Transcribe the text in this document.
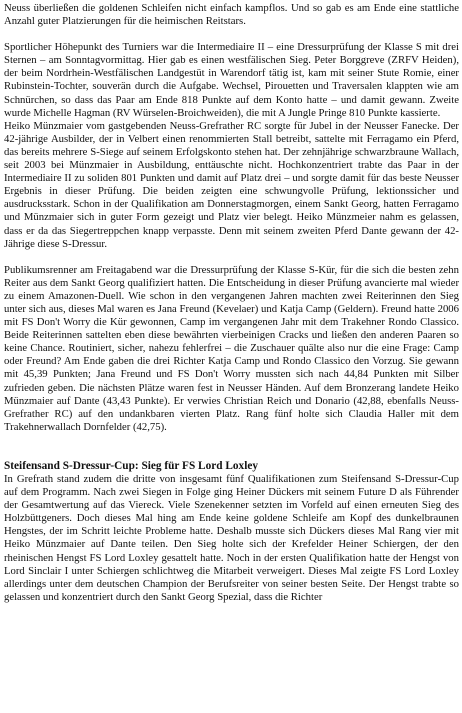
Neuss überließen die goldenen Schleifen nicht einfach kampflos. Und so gab es am Ende eine stattliche Anzahl guter Platzierungen für die heimischen Reitstars.

Sportlicher Höhepunkt des Turniers war die Intermediaire II – eine Dressurprüfung der Klasse S mit drei Sternen – am Sonntagvormittag. Hier gab es einen westfälischen Sieg. Peter Borggreve (ZRFV Heiden), der beim Nordrhein-Westfälischen Landgestüt in Warendorf tätig ist, kam mit seiner Stute Romie, einer Rubinstein-Tochter, souverän durch die Aufgabe. Wechsel, Pirouetten und Traversalen klappten wie am Schnürchen, so dass das Paar am Ende 818 Punkte auf dem Konto hatte – und damit gewann. Zweite wurde Michelle Hagman (RV Würselen-Broichweiden), die mit A Jungle Pringe 810 Punkte kassierte.

Heiko Münzmaier vom gastgebenden Neuss-Grefrather RC sorgte für Jubel in der Neusser Fanecke. Der 42-jährige Ausbilder, der in Velbert einen renommierten Stall betreibt, sattelte mit Ferragamo ein Pferd, das bereits mehrere S-Siege auf seinem Erfolgskonto stehen hat. Der zehnjährige schwarzbraune Wallach, seit 2003 bei Münzmaier in Ausbildung, enttäuschte nicht. Hochkonzentriert trabte das Paar in der Intermediaire II zu soliden 801 Punkten und damit auf Platz drei – und sorgte damit für das beste Neusser Ergebnis in dieser Prüfung. Die beiden zeigten eine schwungvolle Prüfung, lektionssicher und ausdrucksstark. Schon in der Qualifikation am Donnerstagmorgen, einem Sankt Georg, hatten Ferragamo und Münzmaier sich in guter Form gezeigt und Platz vier belegt. Heiko Münzmeier nahm es gelassen, dass er da das Siegertreppchen knapp verpasste. Denn mit seinem zweiten Pferd Dante gewann der 42-Jährige diese S-Dressur.

Publikumsrenner am Freitagabend war die Dressurprüfung der Klasse S-Kür, für die sich die besten zehn Reiter aus dem Sankt Georg qualifiziert hatten. Die Entscheidung in dieser Prüfung avancierte mal wieder zu einem Amazonen-Duell. Wie schon in den vergangenen Jahren machten zwei Reiterinnen den Sieg unter sich aus, dieses Mal waren es Jana Freund (Kevelaer) und Katja Camp (Geldern). Freund hatte 2006 mit FS Don't Worry die Kür gewonnen, Camp im vergangenen Jahr mit dem Trakehner Rondo Classico. Beide Reiterinnen sattelten eben diese bewährten vierbeinigen Cracks und ließen den anderen Paaren so keine Chance. Routiniert, sicher, nahezu fehlerfrei – die Zuschauer quälte also nur die eine Frage: Camp oder Freund? Am Ende gaben die drei Richter Katja Camp und Rondo Classico den Vorzug. Sie gewann mit 45,39 Punkten; Jana Freund und FS Don't Worry mussten sich nach 44,84 Punkten mit Silber zufrieden geben. Die nächsten Plätze waren fest in Neusser Händen. Auf dem Bronzerang landete Heiko Münzmaier auf Dante (43,43 Punkte). Er verwies Christian Reich und Donario (42,88, ebenfalls Neuss-Grefrather RC) auf den undankbaren vierten Platz. Rang fünf holte sich Claudia Haller mit dem Trakehnerwallach Dornfelder (42,75).

Steifensand S-Dressur-Cup: Sieg für FS Lord Loxley

In Grefrath stand zudem die dritte von insgesamt fünf Qualifikationen zum Steifensand S-Dressur-Cup auf dem Programm. Nach zwei Siegen in Folge ging Heiner Dückers mit seinem Future D als Führender der Gesamtwertung auf das Viereck. Viele Szenekenner setzten im Vorfeld auf einen erneuten Sieg des Holzbüttgeners. Doch dieses Mal hing am Ende keine goldene Schleife am Kopf des dunkelbraunen Hengstes, der im Schritt leichte Probleme hatte. Deshalb musste sich Dückers dieses Mal Rang vier mit Heiko Münzmaier auf Dante teilen. Den Sieg holte sich der Krefelder Heiner Schiergen, der den rheinischen Hengst FS Lord Loxley gesattelt hatte. Noch in der ersten Qualifikation hatte der Hengst von Lord Sinclair I unter Schiergen schlichtweg die Mitarbeit verweigert. Dieses Mal zeigte FS Lord Loxley allerdings unter dem deutschen Champion der Berufsreiter von seiner besten Seite. Der Hengst trabte so gelassen und konzentriert durch den Sankt Georg Spezial, dass die Richter
